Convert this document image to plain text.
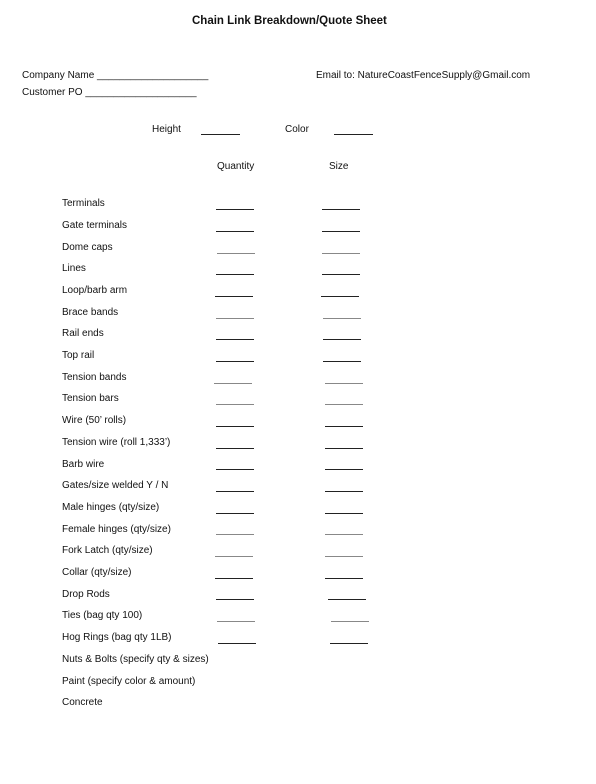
Chain Link Breakdown/Quote Sheet
Company Name ____________________
Customer PO ____________________
Email to: NatureCoastFenceSupply@Gmail.com
Height	Color
Quantity	Size
Terminals
Gate terminals
Dome caps
Lines
Loop/barb arm
Brace bands
Rail ends
Top rail
Tension bands
Tension bars
Wire (50’ rolls)
Tension wire (roll 1,333’)
Barb wire
Gates/size welded Y / N
Male hinges (qty/size)
Female hinges (qty/size)
Fork Latch (qty/size)
Collar (qty/size)
Drop Rods
Ties (bag qty 100)
Hog Rings (bag qty 1LB)
Nuts & Bolts (specify qty & sizes)
Paint (specify color & amount)
Concrete
